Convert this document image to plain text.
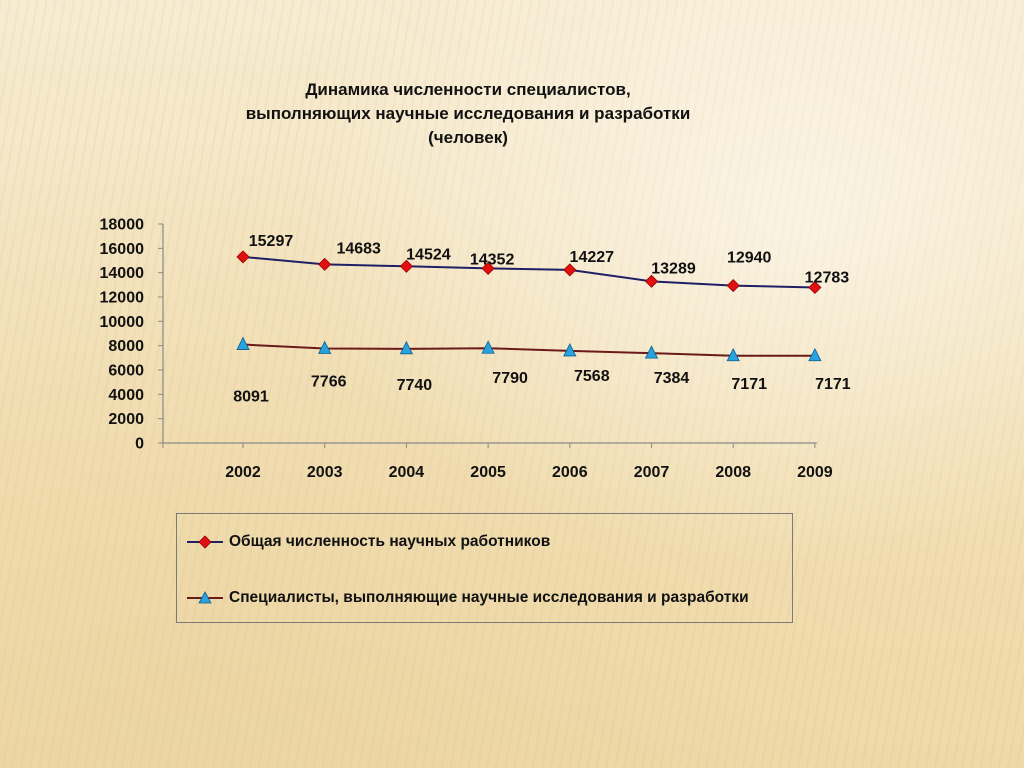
Динамика численности специалистов,
выполняющих научные исследования и разработки
(человек)
0
2000
4000
6000
8000
10000
12000
14000
16000
18000
2002	2003	2004	2005	2006	2007	2008	2009
15297	14683 14524 14352	14227
13289
12940
12783
8091
7766	7740	7790	7568	7384	7171	7171
Общая численность научных работников
Специалисты, выполняющие научные исследования и разработки
